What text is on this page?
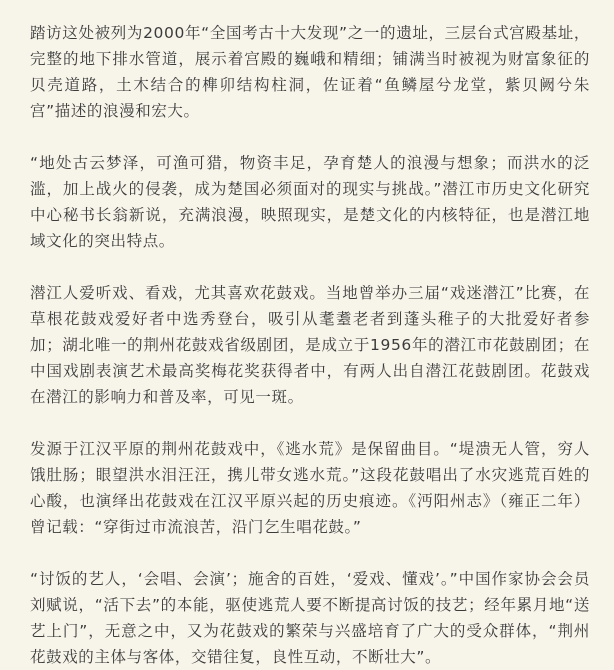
踏访这处被列为2000年“全国考古十大发现”之一的遗址，三层台式宫殿基址，完整的地下排水管道，展示着宫殿的巍峨和精细；铺满当时被视为财富象征的贝壳道路，土木结合的榫卯结构柱洞，佐证着“鱼鳞屋兮龙堂，紫贝阙兮朱宫”描述的浪漫和宏大。

“地处古云梦泽，可渔可猎，物资丰足，孕育楚人的浪漫与想象；而洪水的泛滥，加上战火的侵袭，成为楚国必须面对的现实与挑战。”潜江市历史文化研究中心秘书长翁新说，充满浪漫，映照现实，是楚文化的内核特征，也是潜江地域文化的突出特点。

潜江人爱听戏、看戏，尤其喜欢花鼓戏。当地曾举办三届“戏迷潜江”比赛，在草根花鼓戏爱好者中选秀登台，吸引从耄耋老者到蓬头稚子的大批爱好者参加；湖北唯一的荆州花鼓戏省级剧团，是成立于1956年的潜江市花鼓剧团；在中国戏剧表演艺术最高奖梅花奖获得者中，有两人出自潜江花鼓剧团。花鼓戏在潜江的影响力和普及率，可见一斑。

发源于江汉平原的荆州花鼓戏中，《逃水荒》是保留曲目。“堤溃无人管，穷人饿肚肠；眼望洪水泪汪汪，携儿带女逃水荒。”这段花鼓唱出了水灾逃荒百姓的心酸，也演绎出花鼓戏在江汉平原兴起的历史痕迹。《沔阳州志》（雍正二年）曾记载：“穿街过市流浪苦，沿门乞生唱花鼓。”

“讨饭的艺人，‘会唱、会演’；施舍的百姓，‘爱戏、懂戏’。”中国作家协会会员刘赋说，“活下去”的本能，驱使逃荒人要不断提高讨饭的技艺；经年累月地“送艺上门”，无意之中，又为花鼓戏的繁荣与兴盛培育了广大的受众群体，“荆州花鼓戏的主体与客体，交错往复，良性互动，不断壮大”。
